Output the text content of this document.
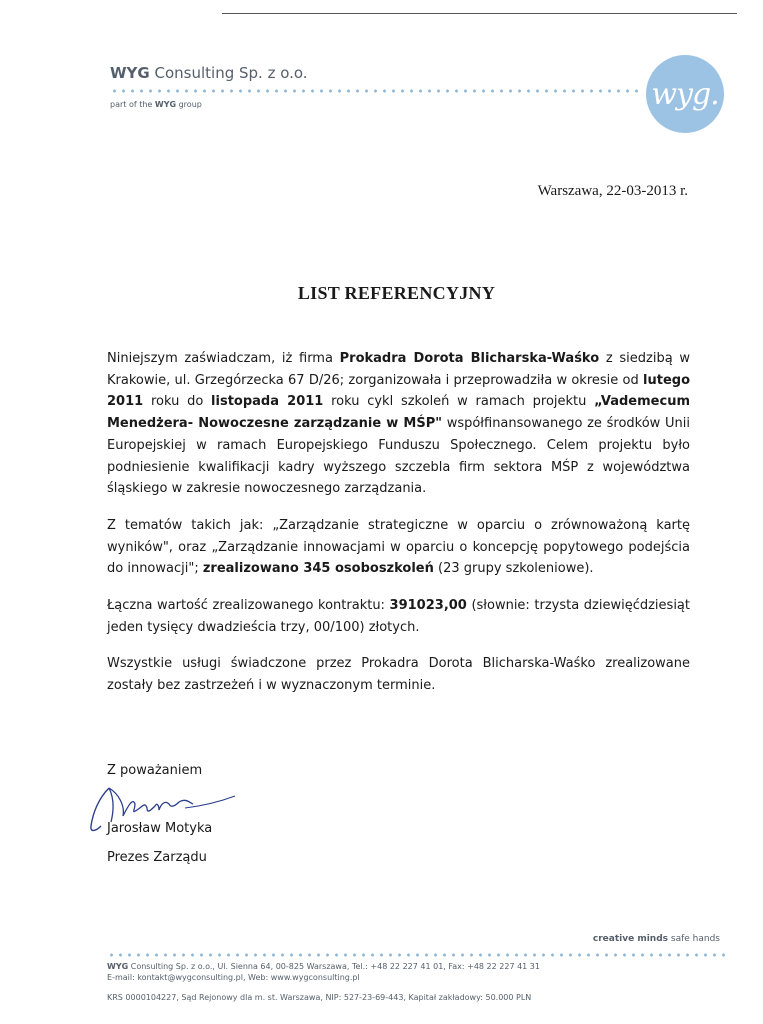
WYG Consulting Sp. z o.o.
part of the WYG group	wyg.
Warszawa, 22-03-2013 r.
LIST REFERENCYJNY

Niniejszym zaświadczam, iż firma Prokadra Dorota Blicharska-Waśko z siedzibą w Krakowie, ul. Grzegórzecka 67 D/26; zorganizowała i przeprowadziła w okresie od lutego 2011 roku do listopada 2011 roku cykl szkoleń w ramach projektu „Vademecum Menedżera- Nowoczesne zarządzanie w MŚP" współfinansowanego ze środków Unii Europejskiej w ramach Europejskiego Funduszu Społecznego. Celem projektu było podniesienie kwalifikacji kadry wyższego szczebla firm sektora MŚP z województwa śląskiego w zakresie nowoczesnego zarządzania.

Z tematów takich jak: „Zarządzanie strategiczne w oparciu o zrównoważoną kartę wyników", oraz „Zarządzanie innowacjami w oparciu o koncepcję popytowego podejścia do innowacji"; zrealizowano 345 osoboszkoleń (23 grupy szkoleniowe).

Łączna wartość zrealizowanego kontraktu: 391023,00 (słownie: trzysta dziewięćdziesiąt jeden tysięcy dwadzieścia trzy, 00/100) złotych.

Wszystkie usługi świadczone przez Prokadra Dorota Blicharska-Waśko zrealizowane zostały bez zastrzeżeń i w wyznaczonym terminie.

Z poważaniem
Jarosław Motyka
Prezes Zarządu
creative minds safe hands
WYG Consulting Sp. z o.o., Ul. Sienna 64, 00-825 Warszawa, Tel.: +48 22 227 41 01, Fax: +48 22 227 41 31
E-mail: kontakt@wygconsulting.pl, Web: www.wygconsulting.pl
KRS 0000104227, Sąd Rejonowy dla m. st. Warszawa, NIP: 527-23-69-443, Kapitał zakładowy: 50.000 PLN
